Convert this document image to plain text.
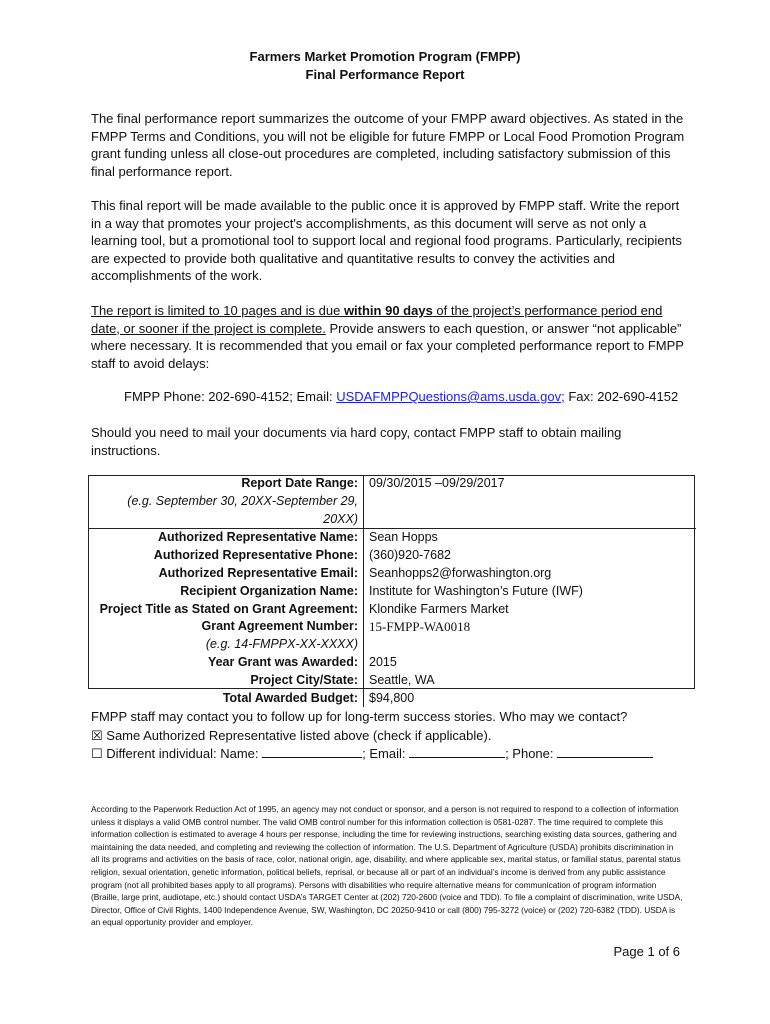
Farmers Market Promotion Program (FMPP)
Final Performance Report
The final performance report summarizes the outcome of your FMPP award objectives. As stated in the FMPP Terms and Conditions, you will not be eligible for future FMPP or Local Food Promotion Program grant funding unless all close-out procedures are completed, including satisfactory submission of this final performance report.
This final report will be made available to the public once it is approved by FMPP staff. Write the report in a way that promotes your project's accomplishments, as this document will serve as not only a learning tool, but a promotional tool to support local and regional food programs. Particularly, recipients are expected to provide both qualitative and quantitative results to convey the activities and accomplishments of the work.
The report is limited to 10 pages and is due within 90 days of the project’s performance period end date, or sooner if the project is complete. Provide answers to each question, or answer “not applicable” where necessary. It is recommended that you email or fax your completed performance report to FMPP staff to avoid delays:
FMPP Phone: 202-690-4152; Email: USDAFMPPQuestions@ams.usda.gov; Fax: 202-690-4152
Should you need to mail your documents via hard copy, contact FMPP staff to obtain mailing instructions.
Report Date Range:	09/30/2015 –09/29/2017
(e.g. September 30, 20XX-September 29, 20XX)	
Authorized Representative Name:	Sean Hopps
Authorized Representative Phone:	(360)920-7682
Authorized Representative Email:	Seanhopps2@forwashington.org
Recipient Organization Name:	Institute for Washington’s Future (IWF)
Project Title as Stated on Grant Agreement:	Klondike Farmers Market
Grant Agreement Number:	15-FMPP-WA0018
(e.g. 14-FMPPX-XX-XXXX)	
Year Grant was Awarded:	2015
Project City/State:	Seattle, WA
Total Awarded Budget:	$94,800
FMPP staff may contact you to follow up for long-term success stories. Who may we contact?
☒ Same Authorized Representative listed above (check if applicable).
☐ Different individual: Name:	; Email:	; Phone:
According to the Paperwork Reduction Act of 1995, an agency may not conduct or sponsor, and a person is not required to respond to a collection of information unless it displays a valid OMB control number. The valid OMB control number for this information collection is 0581-0287. The time required to complete this information collection is estimated to average 4 hours per response, including the time for reviewing instructions, searching existing data sources, gathering and maintaining the data needed, and completing and reviewing the collection of information. The U.S. Department of Agriculture (USDA) prohibits discrimination in all its programs and activities on the basis of race, color, national origin, age, disability, and where applicable sex, marital status, or familial status, parental status religion, sexual orientation, genetic information, political beliefs, reprisal, or because all or part of an individual’s income is derived from any public assistance program (not all prohibited bases apply to all programs). Persons with disabilities who require alternative means for communication of program information (Braille, large print, audiotape, etc.) should contact USDA’s TARGET Center at (202) 720-2600 (voice and TDD). To file a complaint of discrimination, write USDA, Director, Office of Civil Rights, 1400 Independence Avenue, SW, Washington, DC 20250-9410 or call (800) 795-3272 (voice) or (202) 720-6382 (TDD). USDA is an equal opportunity provider and employer.
Page 1 of 6
